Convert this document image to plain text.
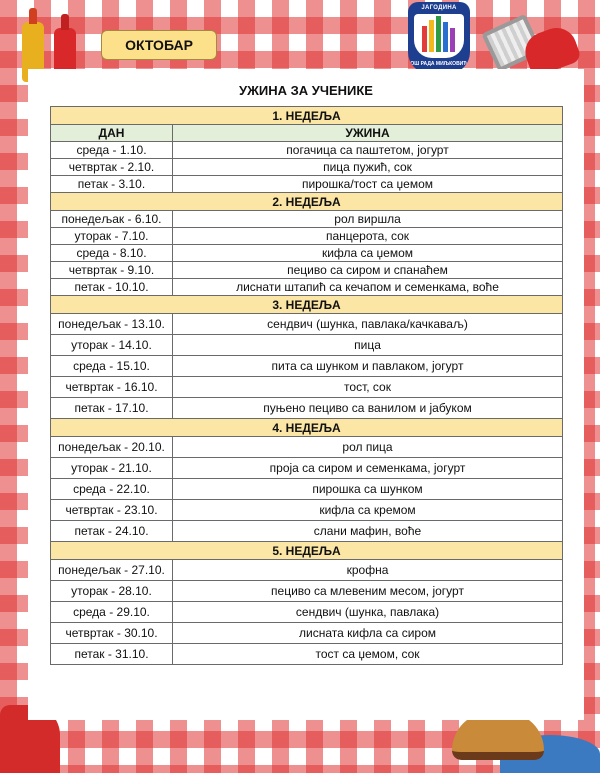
ОКТОБАР
ЈАГОДИНА
ОШ РАДА МИЉКОВИЋ
УЖИНА ЗА УЧЕНИКЕ
1. НЕДЕЉА	
ДАН	УЖИНА
среда - 1.10.	погачица са паштетом, јогурт
четвртак - 2.10.	пица пужић, сок
петак - 3.10.	пирошка/тост са џемом
2. НЕДЕЉА	
понедељак - 6.10.	рол виршла
уторак - 7.10.	панцерота, сок
среда - 8.10.	кифла са џемом
четвртак - 9.10.	пециво са сиром и спанаћем
петак - 10.10.	лиснати штапић са кечапом и семенкама, воће
3. НЕДЕЉА	
понедељак - 13.10.	сендвич (шунка, павлака/качкаваљ)
уторак - 14.10.	пица
среда - 15.10.	пита са шунком и павлаком, јогурт
четвртак - 16.10.	тост, сок
петак - 17.10.	пуњено пециво са ванилом и јабуком
4. НЕДЕЉА	
понедељак - 20.10.	рол пица
уторак - 21.10.	проја са сиром и семенкама, јогурт
среда - 22.10.	пирошка са шунком
четвртак - 23.10.	кифла са кремом
петак - 24.10.	слани мафин, воће
5. НЕДЕЉА	
понедељак - 27.10.	крофна
уторак - 28.10.	пециво са млевеним месом, јогурт
среда - 29.10.	сендвич (шунка, павлака)
четвртак - 30.10.	лисната кифла са сиром
петак - 31.10.	тост са џемом, сок
